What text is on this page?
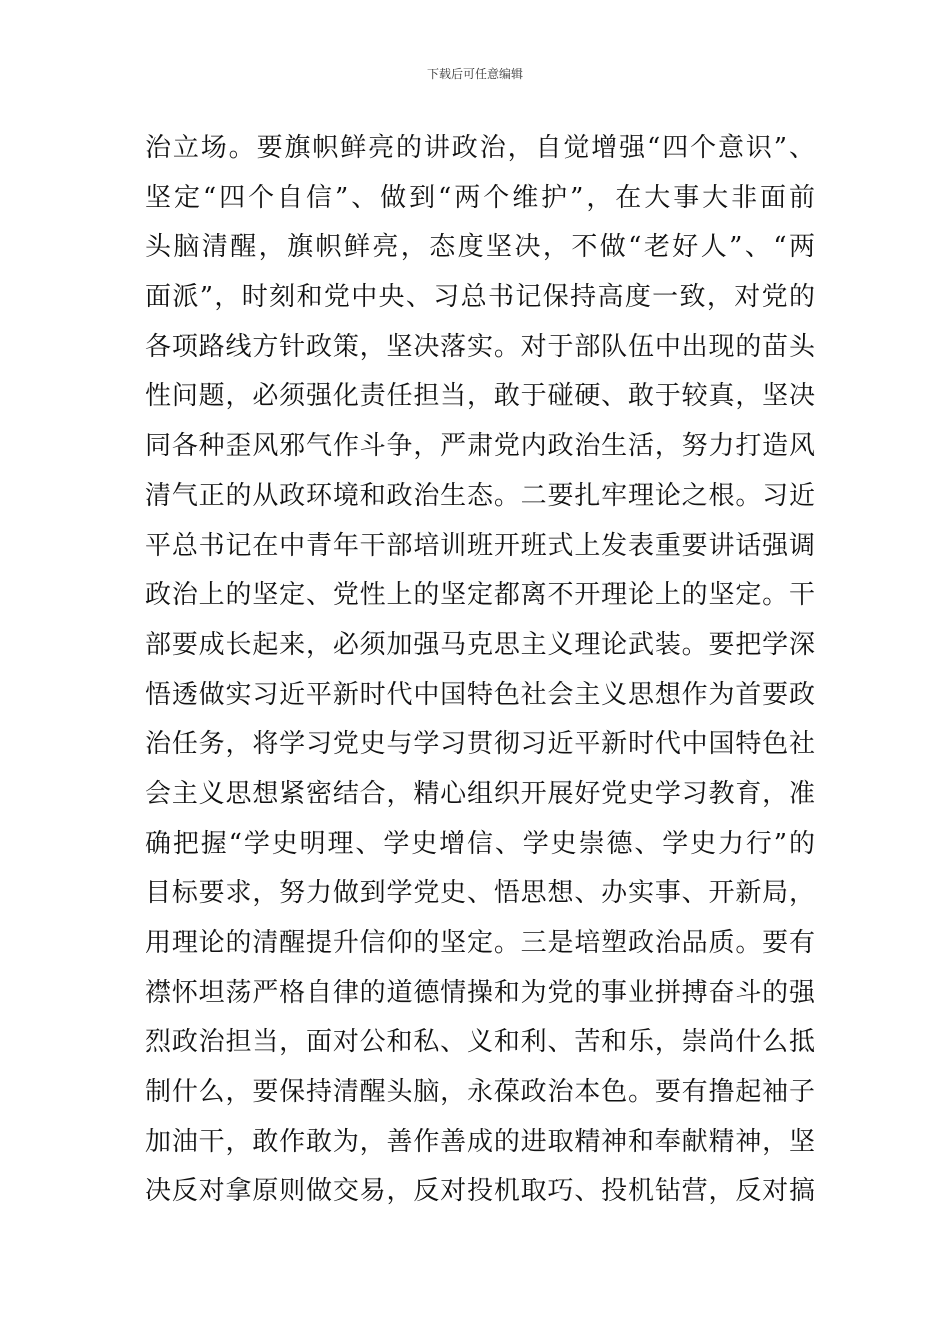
下载后可任意编辑
治立场。要旗帜鲜亮的讲政治，自觉增强“四个意识”、
坚定“四个自信”、做到“两个维护”，在大事大非面前
头脑清醒，旗帜鲜亮，态度坚决，不做“老好人”、“两
面派”，时刻和党中央、习总书记保持高度一致，对党的
各项路线方针政策，坚决落实。对于部队伍中出现的苗头
性问题，必须强化责任担当，敢于碰硬、敢于较真，坚决
同各种歪风邪气作斗争，严肃党内政治生活，努力打造风
清气正的从政环境和政治生态。二要扎牢理论之根。习近
平总书记在中青年干部培训班开班式上发表重要讲话强调
政治上的坚定、党性上的坚定都离不开理论上的坚定。干
部要成长起来，必须加强马克思主义理论武装。要把学深
悟透做实习近平新时代中国特色社会主义思想作为首要政
治任务，将学习党史与学习贯彻习近平新时代中国特色社
会主义思想紧密结合，精心组织开展好党史学习教育，准
确把握“学史明理、学史增信、学史崇德、学史力行”的
目标要求，努力做到学党史、悟思想、办实事、开新局，
用理论的清醒提升信仰的坚定。三是培塑政治品质。要有
襟怀坦荡严格自律的道德情操和为党的事业拼搏奋斗的强
烈政治担当，面对公和私、义和利、苦和乐，崇尚什么抵
制什么，要保持清醒头脑，永葆政治本色。要有撸起袖子
加油干，敢作敢为，善作善成的进取精神和奉献精神，坚
决反对拿原则做交易，反对投机取巧、投机钻营，反对搞
